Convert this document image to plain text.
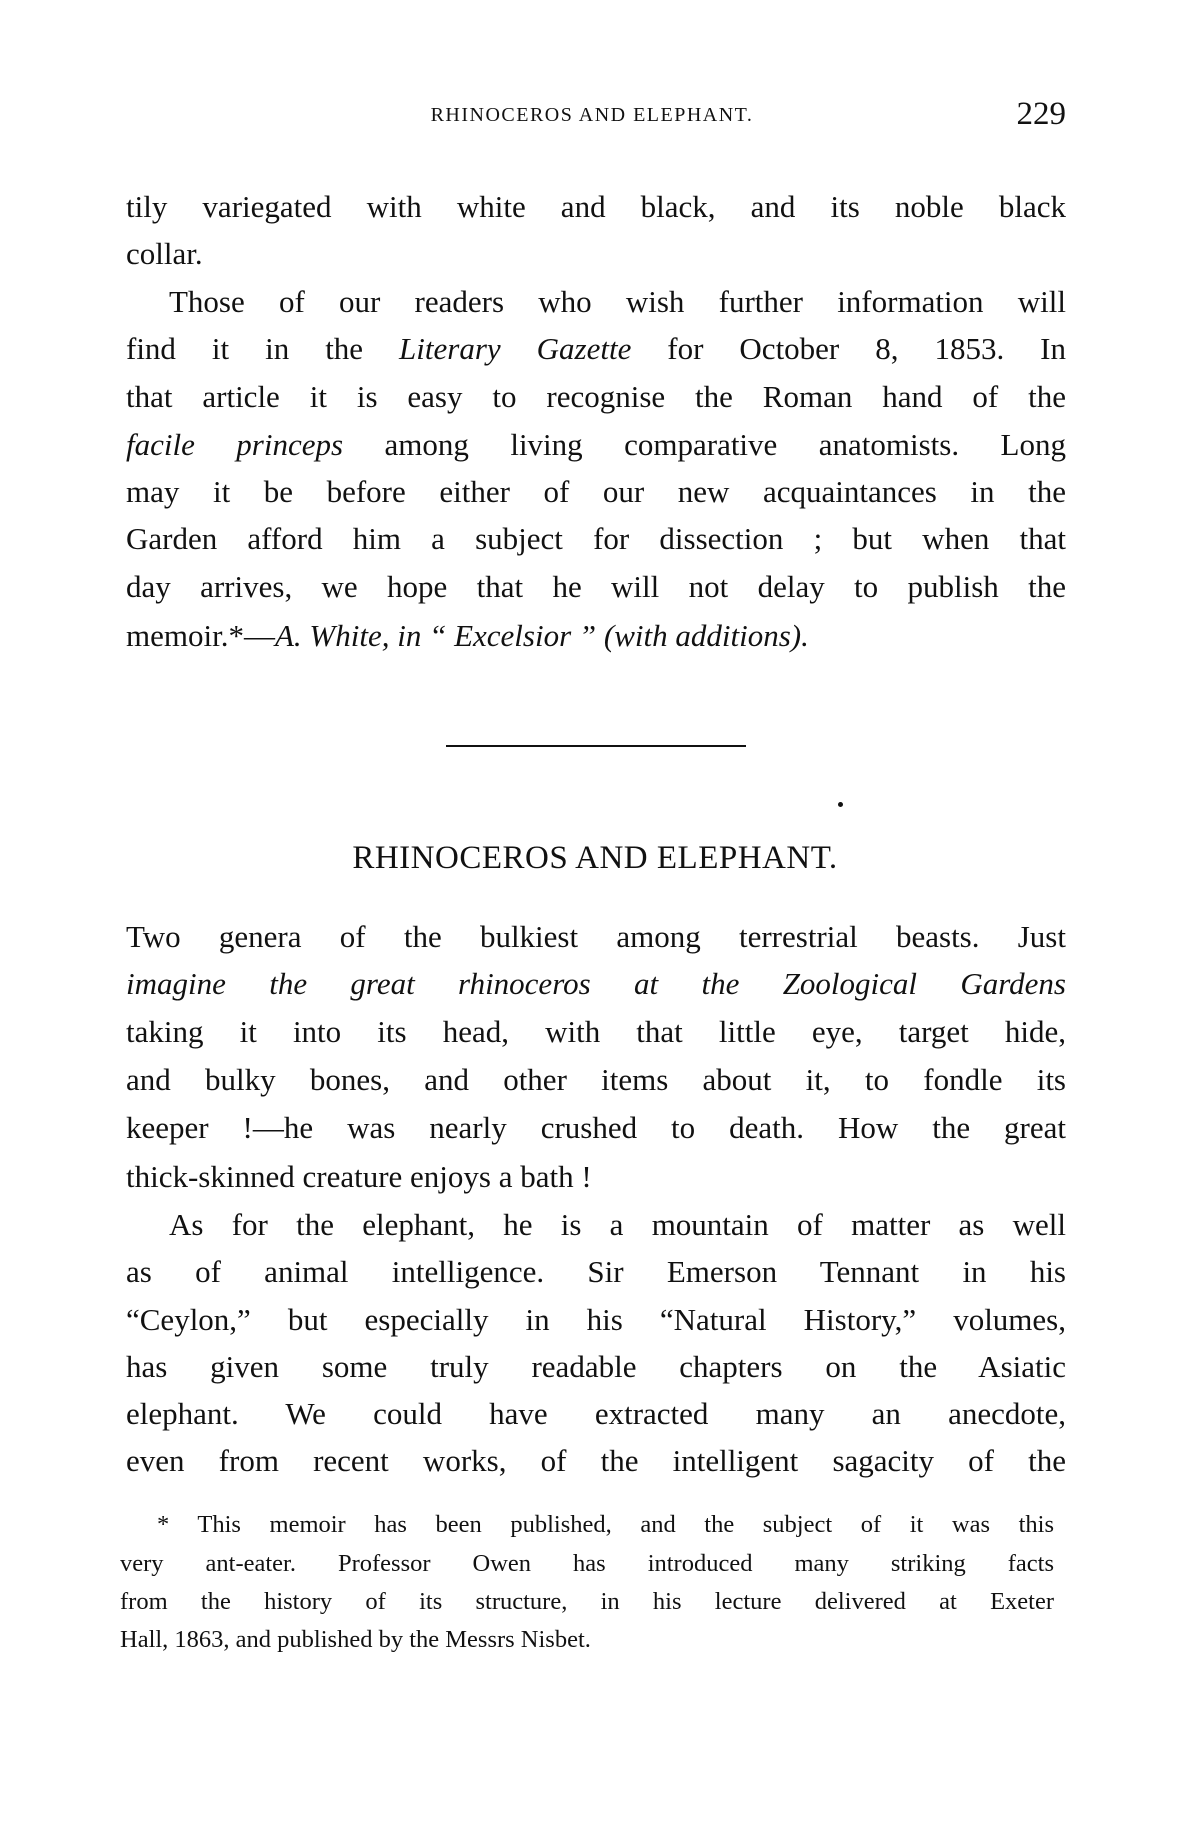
RHINOCEROS AND ELEPHANT.	229
tily variegated with white and black, and its noble black
collar.
Those of our readers who wish further information will
find it in the Literary Gazette for October 8, 1853. In
that article it is easy to recognise the Roman hand of the
facile princeps among living comparative anatomists. Long
may it be before either of our new acquaintances in the
Garden afford him a subject for dissection ; but when that
day arrives, we hope that he will not delay to publish the
memoir.*—A. White, in “ Excelsior ” (with additions).
RHINOCEROS AND ELEPHANT.
Two genera of the bulkiest among terrestrial beasts. Just
imagine the great rhinoceros at the Zoological Gardens
taking it into its head, with that little eye, target hide,
and bulky bones, and other items about it, to fondle its
keeper !—he was nearly crushed to death. How the great
thick-skinned creature enjoys a bath !
As for the elephant, he is a mountain of matter as well
as of animal intelligence. Sir Emerson Tennant in his
“Ceylon,” but especially in his “Natural History,” volumes,
has given some truly readable chapters on the Asiatic
elephant. We could have extracted many an anecdote,
even from recent works, of the intelligent sagacity of the
* This memoir has been published, and the subject of it was this
very ant-eater. Professor Owen has introduced many striking facts
from the history of its structure, in his lecture delivered at Exeter
Hall, 1863, and published by the Messrs Nisbet.
